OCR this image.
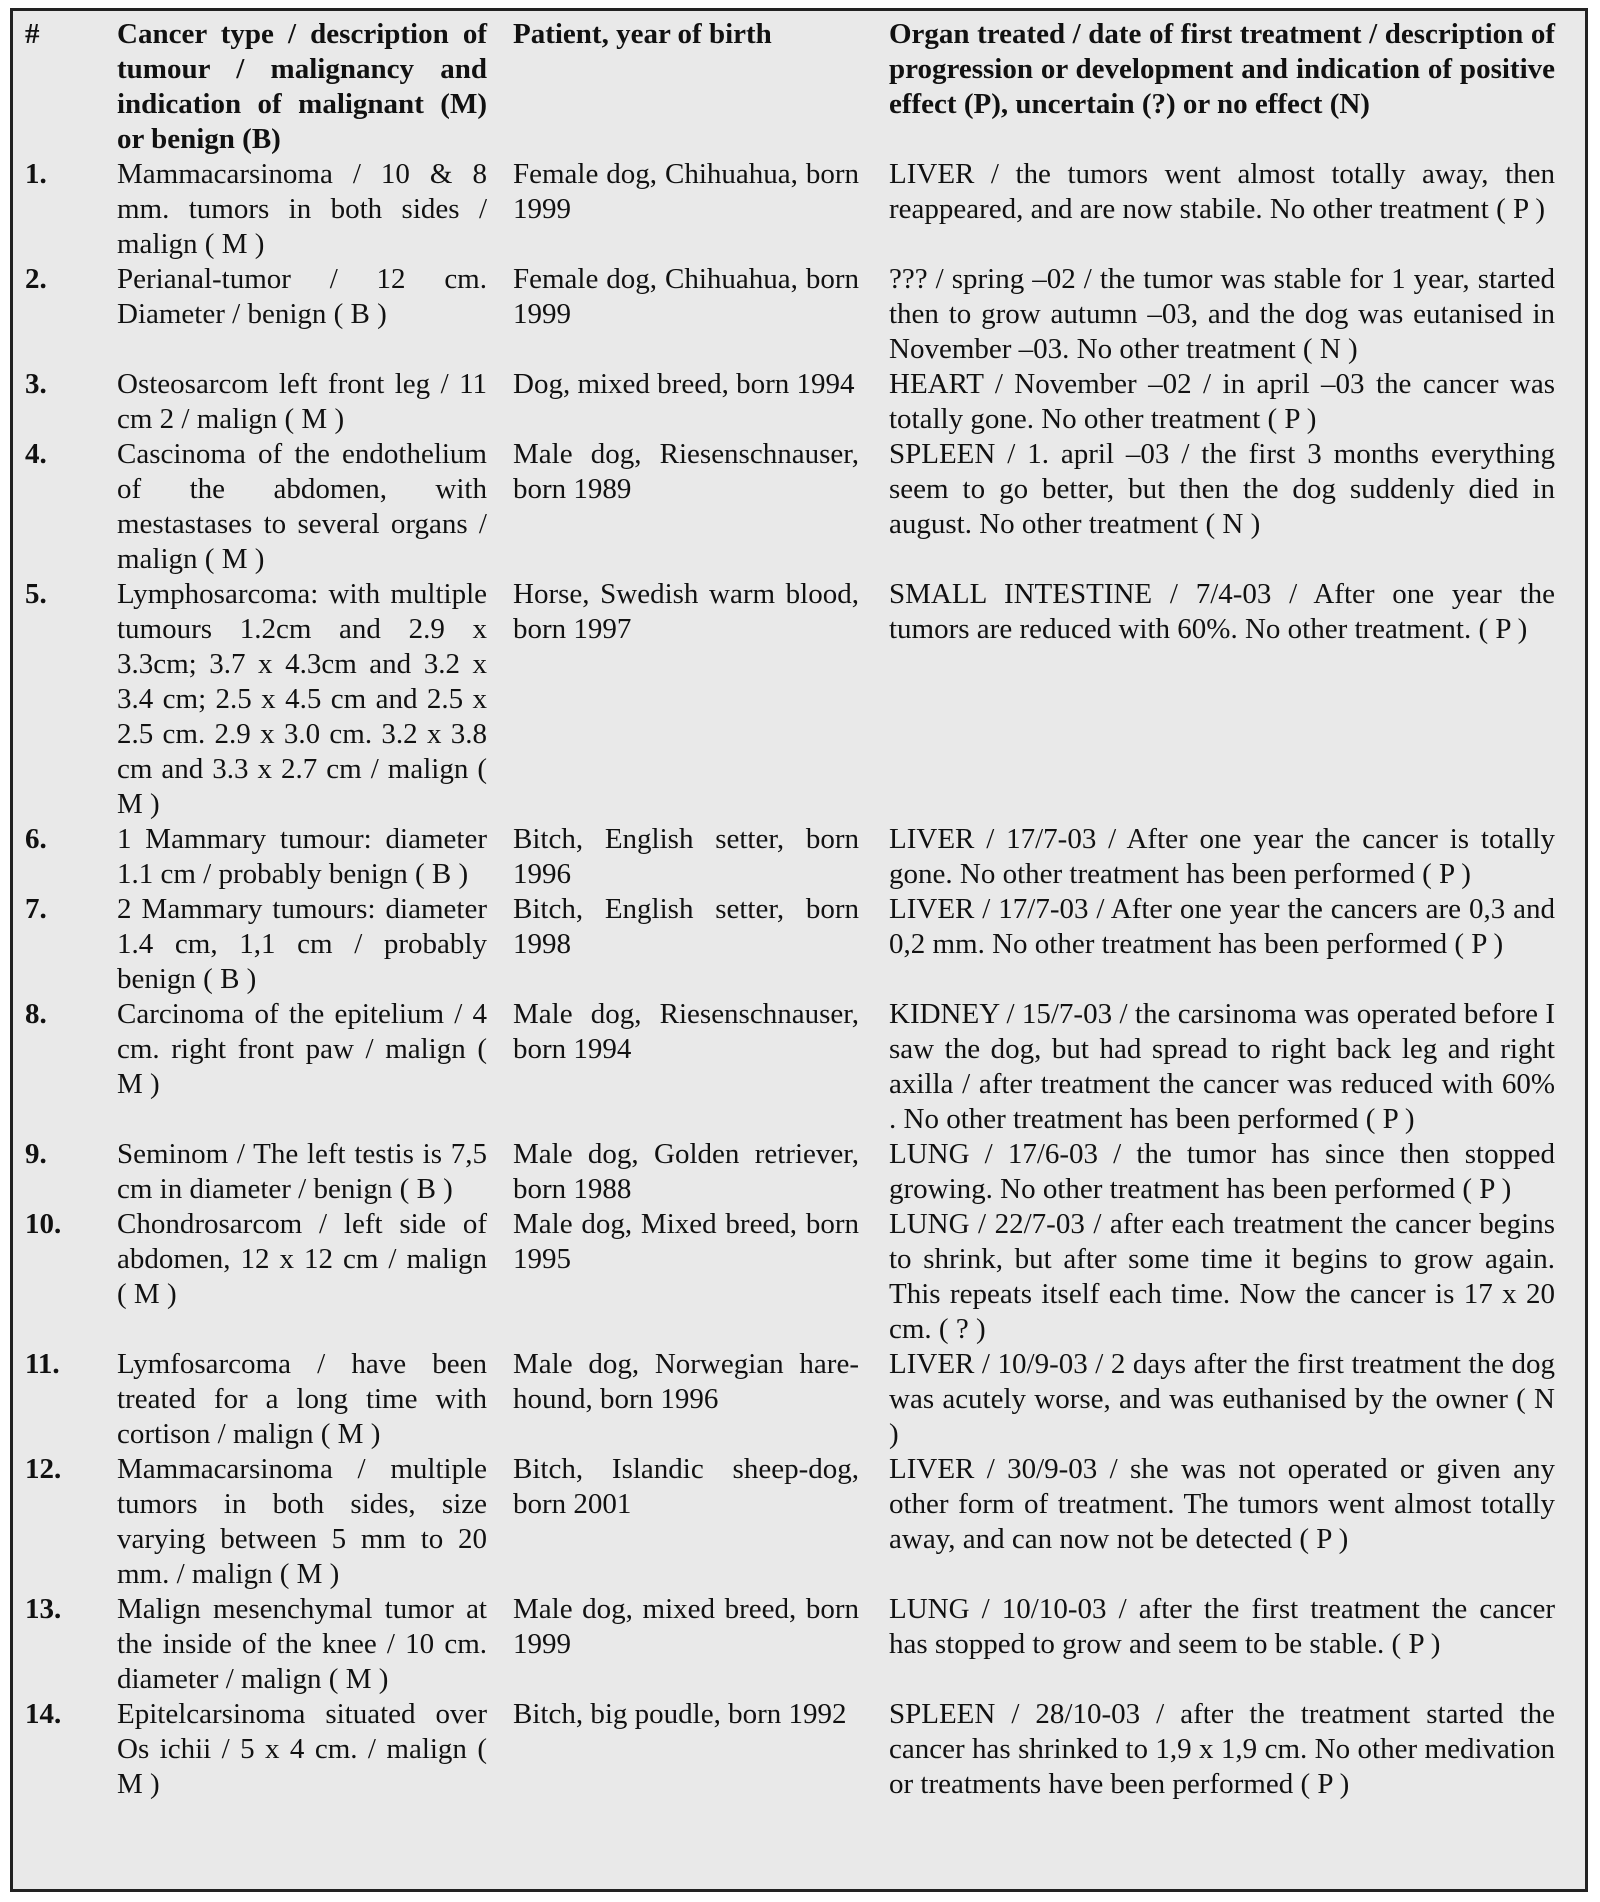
#	Cancer type / description of tumour / malignancy and indication of malignant (M) or benign (B)	Patient, year of birth	Organ treated / date of first treatment / description of progression or development and indication of positive effect (P), uncertain (?) or no effect (N)
1.	Mammacarsinoma / 10 & 8 mm. tumors in both sides / malign ( M )	Female dog, Chihuahua, born 1999	LIVER / the tumors went almost totally away, then reappeared, and are now stabile. No other treatment ( P )
2.	Perianal-tumor / 12 cm. Diameter / benign ( B )	Female dog, Chihuahua, born 1999	??? / spring –02 / the tumor was stable for 1 year, started then to grow autumn –03, and the dog was eutanised in November –03. No other treatment ( N )
3.	Osteosarcom left front leg / 11 cm 2 / malign ( M )	Dog, mixed breed, born 1994	HEART / November –02 / in april –03 the cancer was totally gone. No other treatment ( P )
4.	Cascinoma of the endothelium of the abdomen, with mestastases to several organs / malign ( M )	Male dog, Riesenschnauser, born 1989	SPLEEN / 1. april –03 / the first 3 months everything seem to go better, but then the dog suddenly died in august. No other treatment ( N )
5.	Lymphosarcoma: with multiple tumours 1.2cm and 2.9 x 3.3cm; 3.7 x 4.3cm and 3.2 x 3.4 cm; 2.5 x 4.5 cm and 2.5 x 2.5 cm. 2.9 x 3.0 cm. 3.2 x 3.8 cm and 3.3 x 2.7 cm / malign ( M )	Horse, Swedish warm blood, born 1997	SMALL INTESTINE / 7/4-03 / After one year the tumors are reduced with 60%. No other treatment. ( P )
6.	1 Mammary tumour: diameter 1.1 cm / probably benign ( B )	Bitch, English setter, born 1996	LIVER / 17/7-03 / After one year the cancer is totally gone. No other treatment has been performed ( P )
7.	2 Mammary tumours: diameter 1.4 cm, 1,1 cm / probably benign ( B )	Bitch, English setter, born 1998	LIVER / 17/7-03 / After one year the cancers are 0,3 and 0,2 mm. No other treatment has been performed ( P )
8.	Carcinoma of the epitelium / 4 cm. right front paw / malign ( M )	Male dog, Riesenschnauser, born 1994	KIDNEY / 15/7-03 / the carsinoma was operated before I saw the dog, but had spread to right back leg and right axilla / after treatment the cancer was reduced with 60% . No other treatment has been performed ( P )
9.	Seminom / The left testis is 7,5 cm in diameter / benign ( B )	Male dog, Golden retriever, born 1988	LUNG / 17/6-03 / the tumor has since then stopped growing. No other treatment has been performed ( P )
10.	Chondrosarcom / left side of abdomen, 12 x 12 cm / malign ( M )	Male dog, Mixed breed, born 1995	LUNG / 22/7-03 / after each treatment the cancer begins to shrink, but after some time it begins to grow again. This repeats itself each time. Now the cancer is 17 x 20 cm. ( ? )
11.	Lymfosarcoma / have been treated for a long time with cortison / malign ( M )	Male dog, Norwegian hare-hound, born 1996	LIVER / 10/9-03 / 2 days after the first treatment the dog was acutely worse, and was euthanised by the owner ( N )
12.	Mammacarsinoma / multiple tumors in both sides, size varying between 5 mm to 20 mm. / malign ( M )	Bitch, Islandic sheep-dog, born 2001	LIVER / 30/9-03 / she was not operated or given any other form of treatment. The tumors went almost totally away, and can now not be detected ( P )
13.	Malign mesenchymal tumor at the inside of the knee / 10 cm. diameter / malign ( M )	Male dog, mixed breed, born 1999	LUNG / 10/10-03 / after the first treatment the cancer has stopped to grow and seem to be stable. ( P )
14.	Epitelcarsinoma situated over Os ichii / 5 x 4 cm. / malign ( M )	Bitch, big poudle, born 1992	SPLEEN / 28/10-03 / after the treatment started the cancer has shrinked to 1,9 x 1,9 cm. No other medivation or treatments have been performed ( P )
